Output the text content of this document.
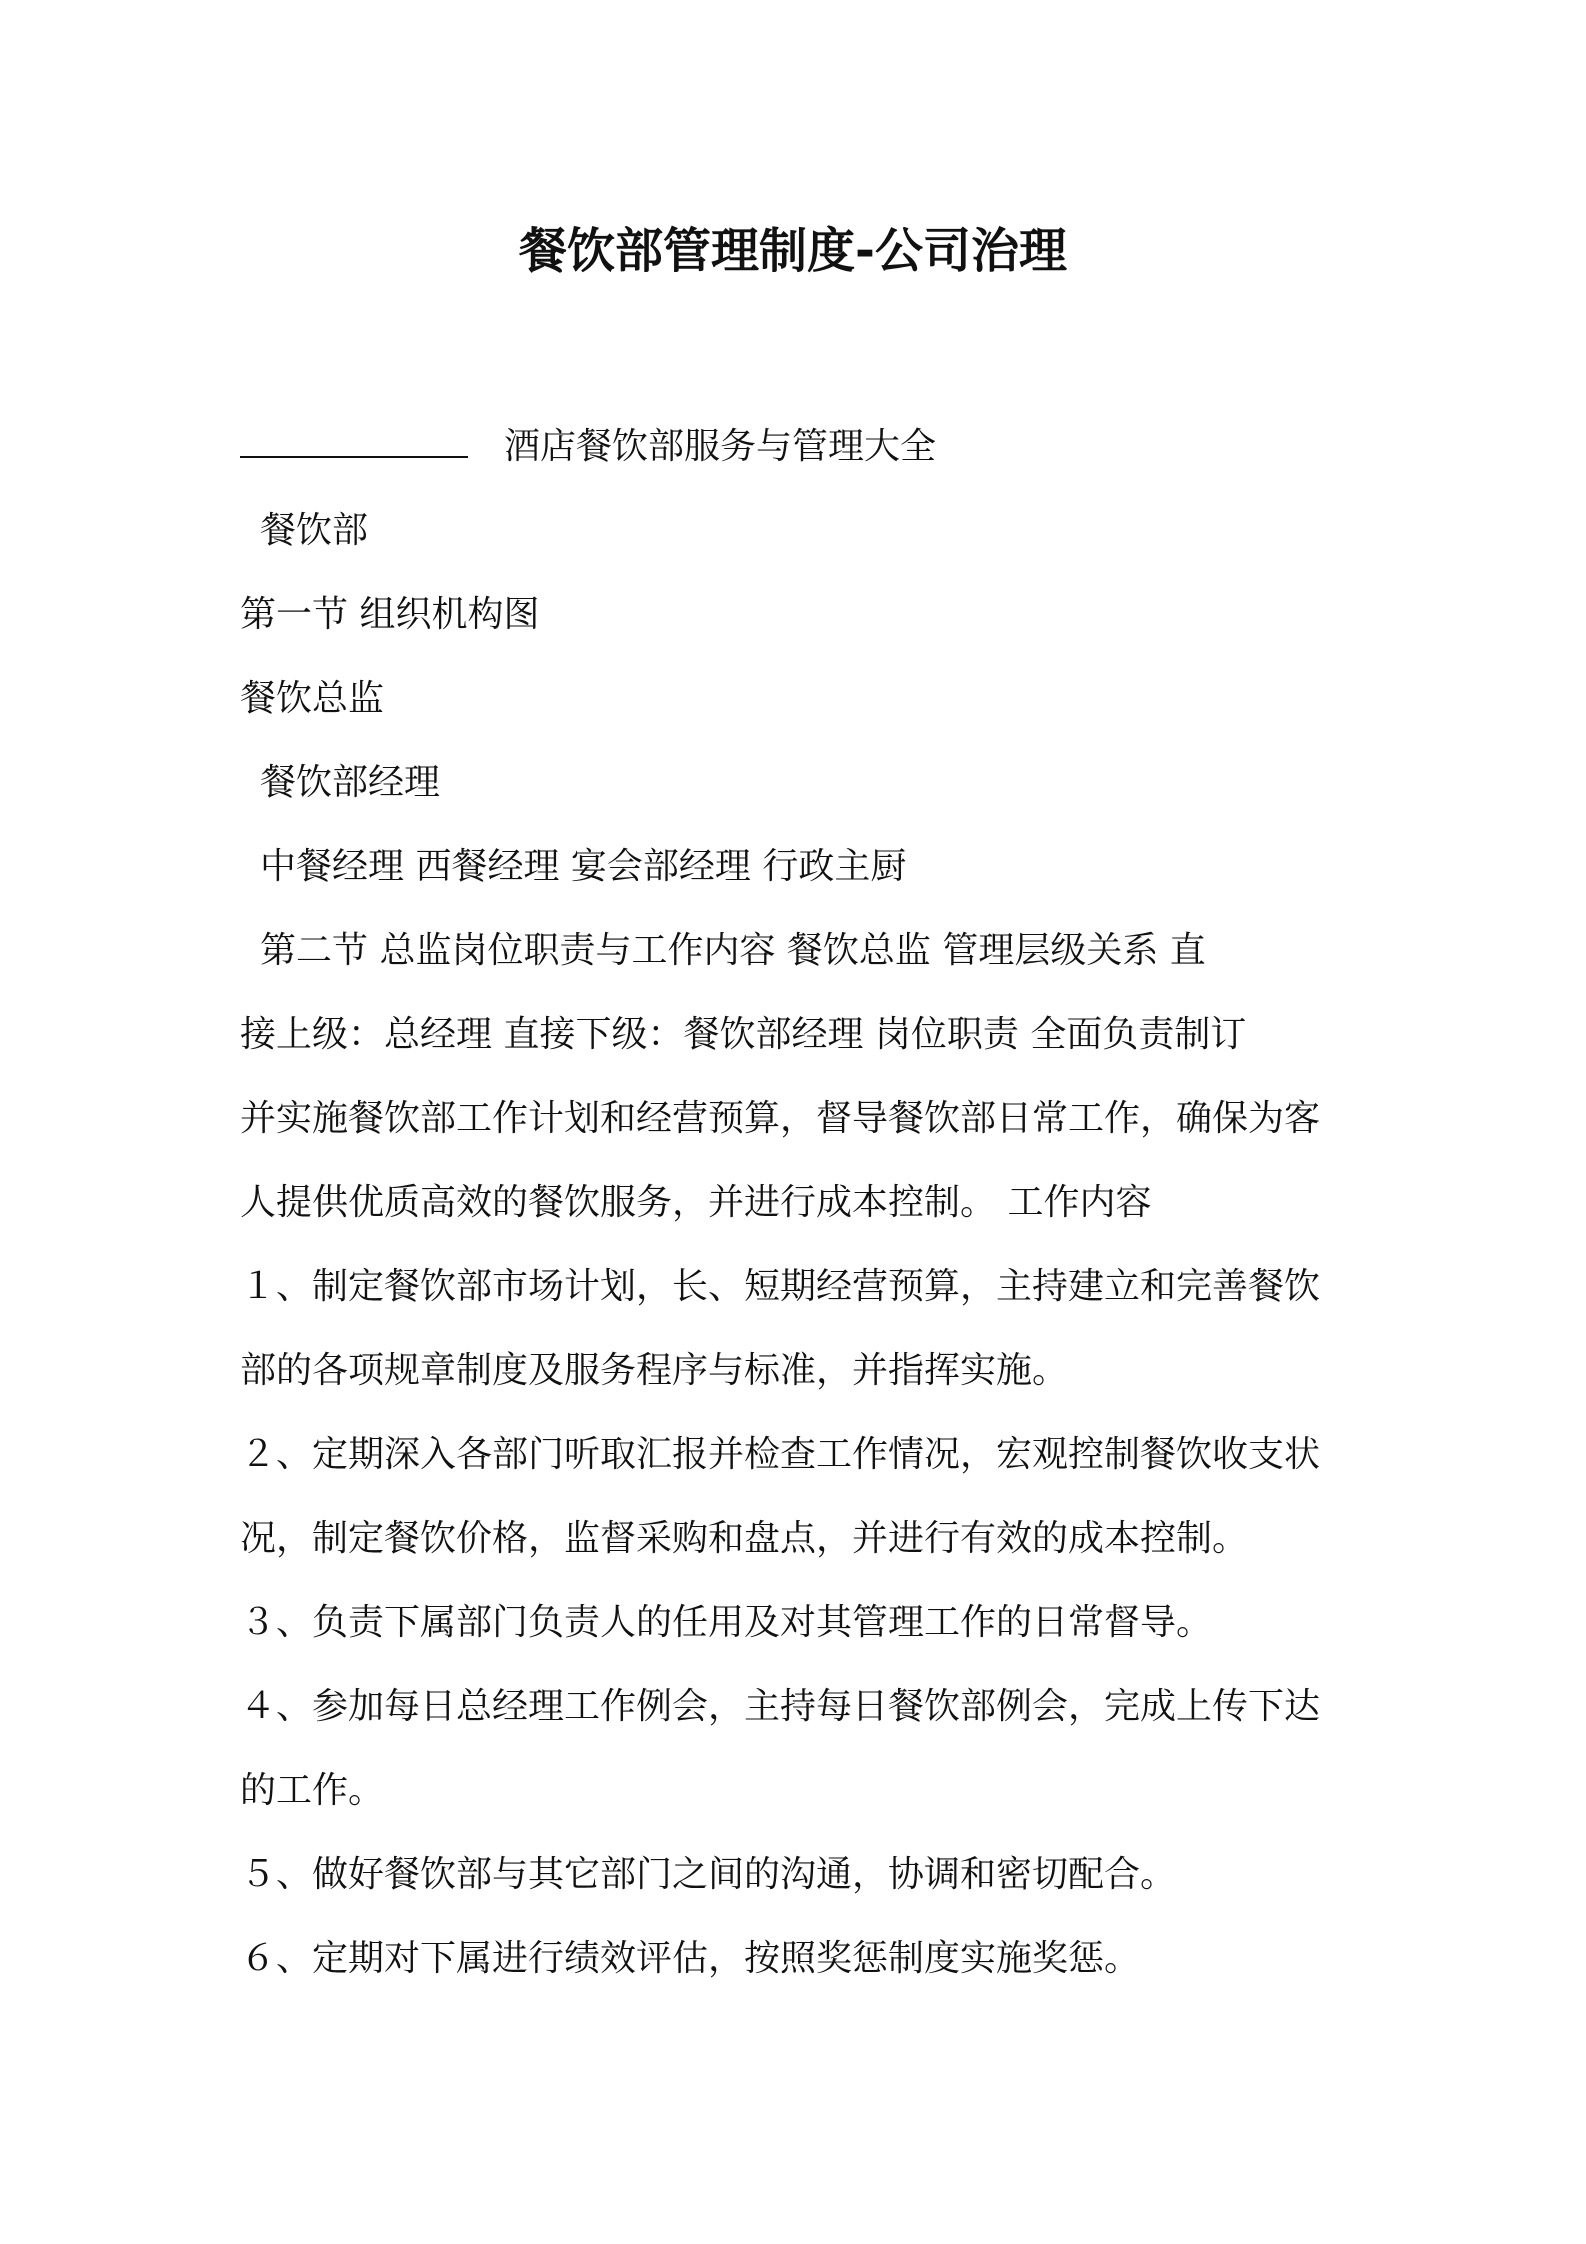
餐饮部管理制度-公司治理
酒店餐饮部服务与管理大全
餐饮部
第一节 组织机构图
餐饮总监
餐饮部经理
中餐经理 西餐经理 宴会部经理 行政主厨
第二节 总监岗位职责与工作内容 餐饮总监 管理层级关系 直
接上级：总经理 直接下级：餐饮部经理 岗位职责 全面负责制订
并实施餐饮部工作计划和经营预算，督导餐饮部日常工作，确保为客
人提供优质高效的餐饮服务，并进行成本控制。 工作内容
１、制定餐饮部市场计划，长、短期经营预算，主持建立和完善餐饮
部的各项规章制度及服务程序与标准，并指挥实施。
２、定期深入各部门听取汇报并检查工作情况，宏观控制餐饮收支状
况，制定餐饮价格，监督采购和盘点，并进行有效的成本控制。
３、负责下属部门负责人的任用及对其管理工作的日常督导。
４、参加每日总经理工作例会，主持每日餐饮部例会，完成上传下达
的工作。
５、做好餐饮部与其它部门之间的沟通，协调和密切配合。
６、定期对下属进行绩效评估，按照奖惩制度实施奖惩。
